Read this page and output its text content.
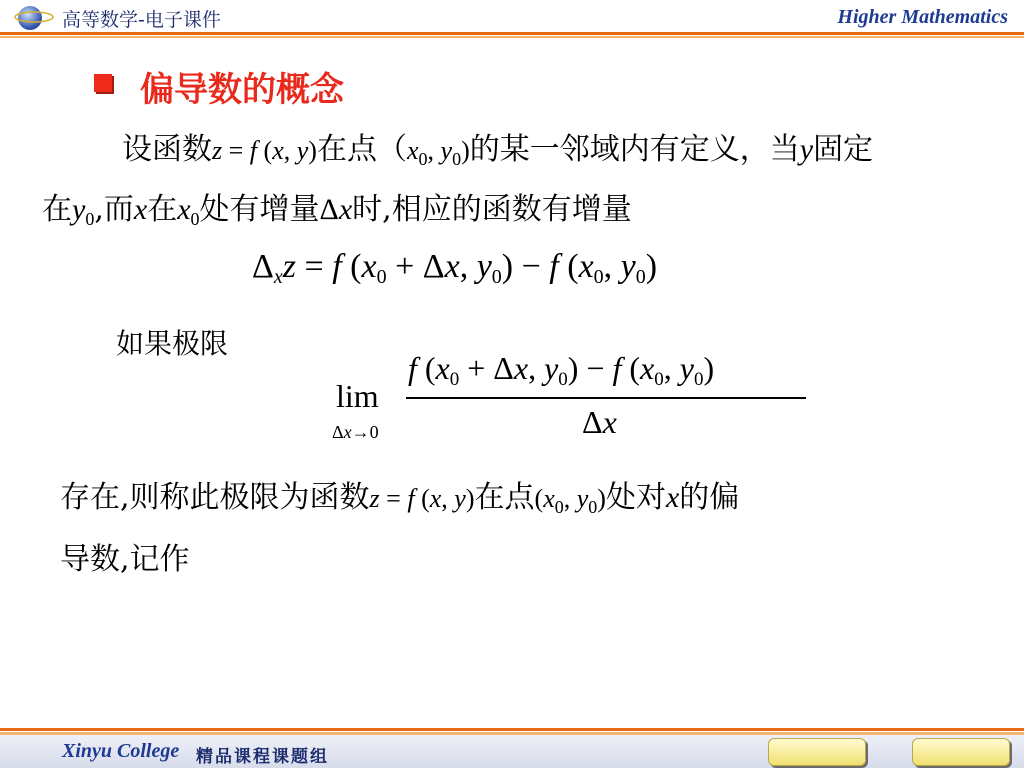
高等数学-电子课件	Higher Mathematics
偏导数的概念
设函数z = f (x, y)在点（$x_0$, $y_0$)的某一邻域内有定义，当y固定
在$y_0$,而x在$x_0$处有增量Δx时,相应的函数有增量
$\Delta_xz = f$ ($x_0 + \Delta x$, $y_0) - f$ ($x_0$, $y_0$)
如果极限
lim
Δx→0
f ($x_0 + \Delta x$, $y_0) - f$ ($x_0$, $y_0$)
Δx
存在,则称此极限为函数z = f (x, y)在点($x_0$, $y_0$)处对x的偏
导数,记作
Xinyu College 精品课程课题组
